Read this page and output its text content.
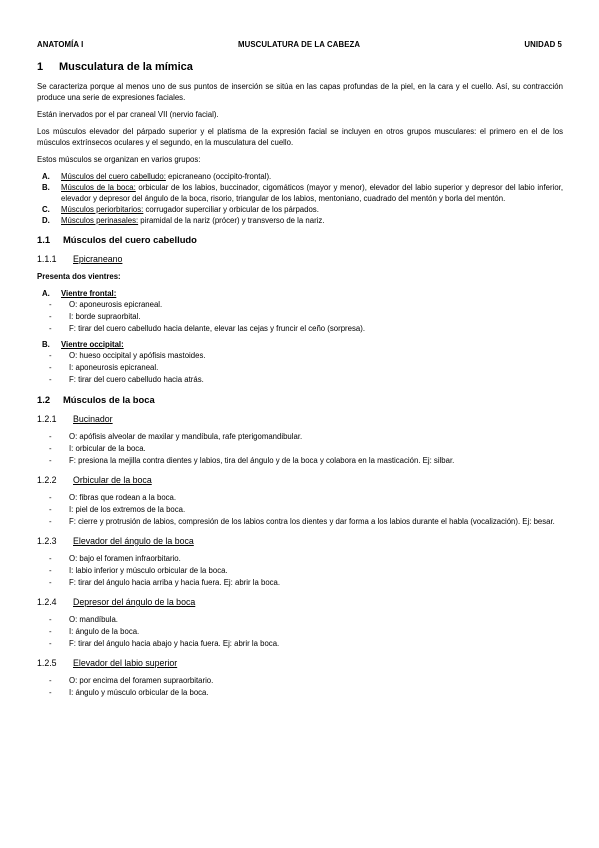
ANATOMÍA I	MUSCULATURA DE LA CABEZA	UNIDAD 5
1 Musculatura de la mímica
Se caracteriza porque al menos uno de sus puntos de inserción se sitúa en las capas profundas de la piel, en la cara y el cuello. Así, su contracción produce una serie de expresiones faciales.
Están inervados por el par craneal VII (nervio facial).
Los músculos elevador del párpado superior y el platisma de la expresión facial se incluyen en otros grupos musculares: el primero en el de los músculos extrínsecos oculares y el segundo, en la musculatura del cuello.
Estos músculos se organizan en varios grupos:
A. Músculos del cuero cabelludo: epicraneano (occipito-frontal).
B. Músculos de la boca: orbicular de los labios, buccinador, cigomáticos (mayor y menor), elevador del labio superior y depresor del labio inferior, elevador y depresor del ángulo de la boca, risorio, triangular de los labios, mentoniano, cuadrado del mentón y borla del mentón.
C. Músculos periorbitarios: corrugador superciliar y orbicular de los párpados.
D. Músculos perinasales: piramidal de la nariz (prócer) y transverso de la nariz.
1.1 Músculos del cuero cabelludo
1.1.1 Epicraneano
Presenta dos vientres:
A. Vientre frontal:
- O: aponeurosis epicraneal.
- I: borde supraorbital.
- F: tirar del cuero cabelludo hacia delante, elevar las cejas y fruncir el ceño (sorpresa).
B. Vientre occipital:
- O: hueso occipital y apófisis mastoides.
- I: aponeurosis epicraneal.
- F: tirar del cuero cabelludo hacia atrás.
1.2 Músculos de la boca
1.2.1 Bucinador
- O: apófisis alveolar de maxilar y mandíbula, rafe pterigomandibular.
- I: orbicular de la boca.
- F: presiona la mejilla contra dientes y labios, tira del ángulo y de la boca y colabora en la masticación. Ej: silbar.
1.2.2 Orbicular de la boca
- O: fibras que rodean a la boca.
- I: piel de los extremos de la boca.
- F: cierre y protrusión de labios, compresión de los labios contra los dientes y dar forma a los labios durante el habla (vocalización). Ej: besar.
1.2.3 Elevador del ángulo de la boca
- O: bajo el foramen infraorbitario.
- I: labio inferior y músculo orbicular de la boca.
- F: tirar del ángulo hacia arriba y hacia fuera. Ej: abrir la boca.
1.2.4 Depresor del ángulo de la boca
- O: mandíbula.
- I: ángulo de la boca.
- F: tirar del ángulo hacia abajo y hacia fuera. Ej: abrir la boca.
1.2.5 Elevador del labio superior
- O: por encima del foramen supraorbitario.
- I: ángulo y músculo orbicular de la boca.
